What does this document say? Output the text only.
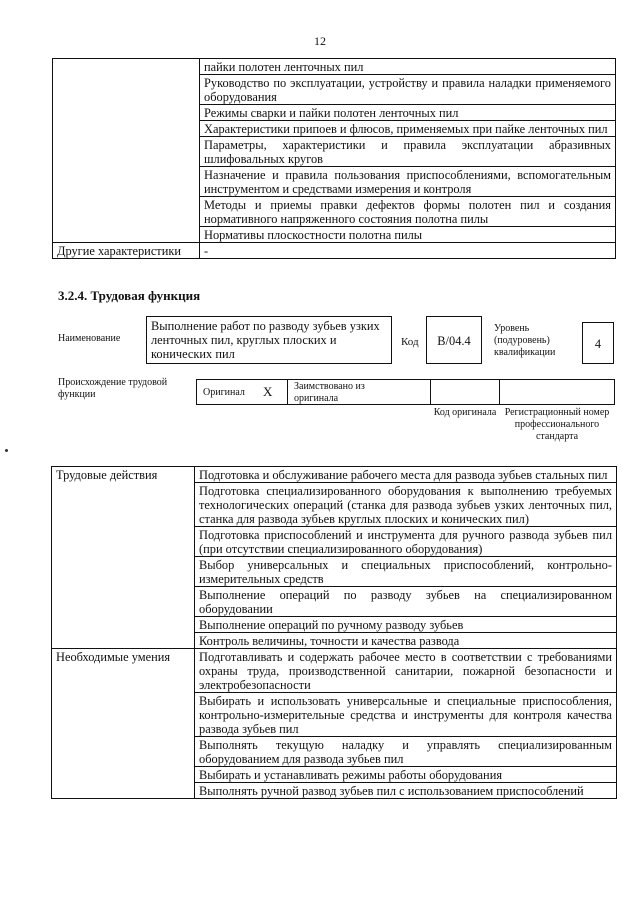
12
	пайки полотен ленточных пил
	Руководство по эксплуатации, устройству и правила наладки применяемого оборудования
	Режимы сварки и пайки полотен ленточных пил
	Характеристики припоев и флюсов, применяемых при пайке ленточных пил
	Параметры, характеристики и правила эксплуатации абразивных шлифовальных кругов
	Назначение и правила пользования приспособлениями, вспомогательным инструментом и средствами измерения и контроля
	Методы и приемы правки дефектов формы полотен пил и создания нормативного напряженного состояния полотна пилы
	Нормативы плоскостности полотна пилы
Другие характеристики	-
3.2.4. Трудовая функция
Наименование
Выполнение работ по разводу зубьев узких ленточных пил, круглых плоских и конических пил
Код	B/04.4
Уровень (подуровень) квалификации
4
Происхождение трудовой функции	Оригинал X Заимствовано из оригинала
Код оригинала Регистрационный номер профессионального стандарта
Трудовые действия	Подготовка и обслуживание рабочего места для развода зубьев стальных пил
	Подготовка специализированного оборудования к выполнению требуемых технологических операций (станка для развода зубьев узких ленточных пил, станка для развода зубьев круглых плоских и конических пил)
	Подготовка приспособлений и инструмента для ручного развода зубьев пил (при отсутствии специализированного оборудования)
	Выбор универсальных и специальных приспособлений, контрольно-измерительных средств
	Выполнение операций по разводу зубьев на специализированном оборудовании
	Выполнение операций по ручному разводу зубьев
	Контроль величины, точности и качества развода
Необходимые умения	Подготавливать и содержать рабочее место в соответствии с требованиями охраны труда, производственной санитарии, пожарной безопасности и электробезопасности
	Выбирать и использовать универсальные и специальные приспособления, контрольно-измерительные средства и инструменты для контроля качества развода зубьев пил
	Выполнять текущую наладку и управлять специализированным оборудованием для развода зубьев пил
	Выбирать и устанавливать режимы работы оборудования
	Выполнять ручной развод зубьев пил с использованием приспособлений
